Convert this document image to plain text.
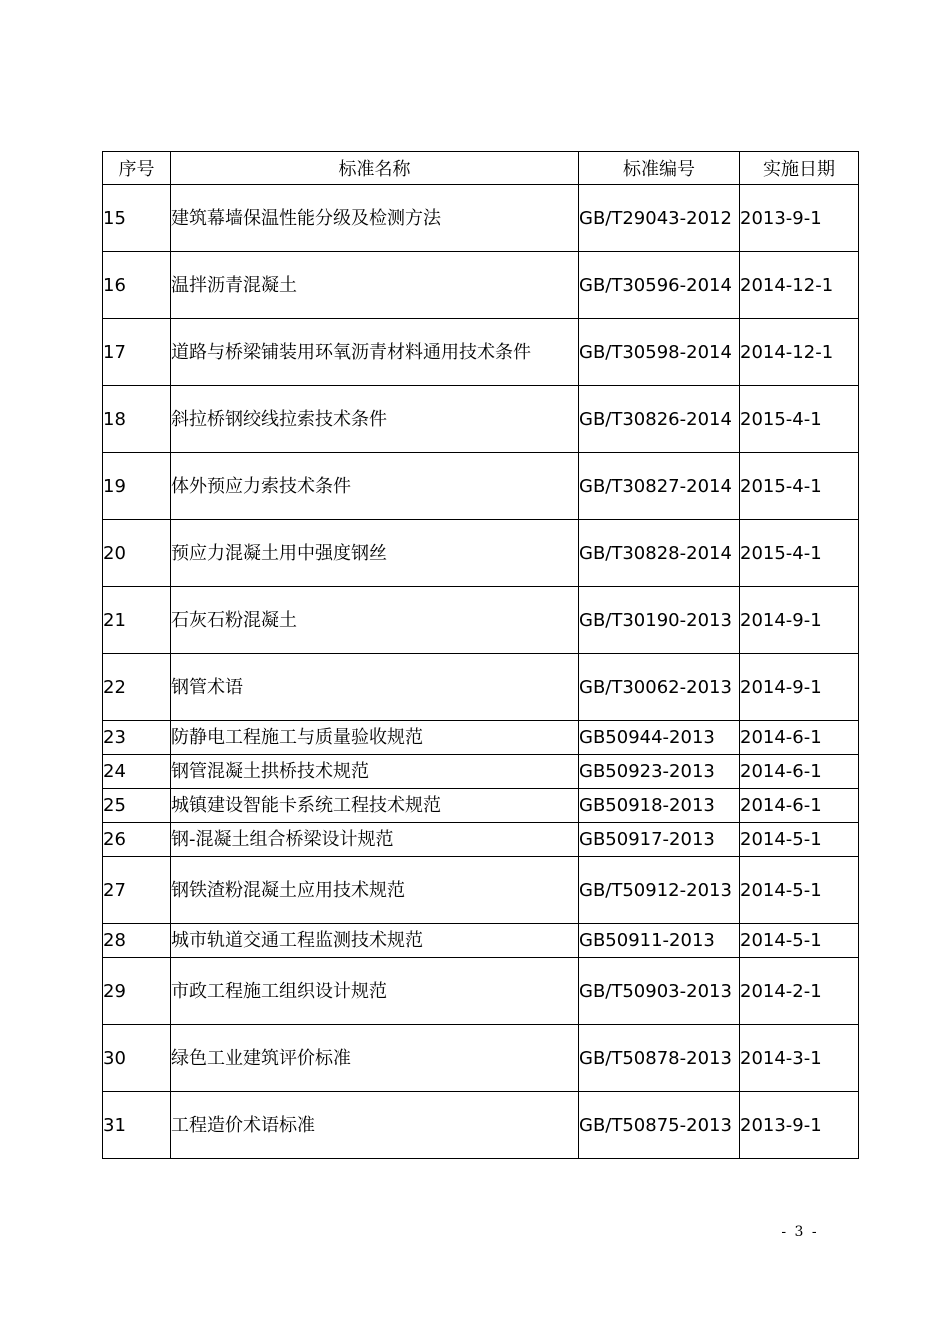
序号	标准名称	标准编号	实施日期
15	建筑幕墙保温性能分级及检测方法	GB/T29043-2012	2013-9-1
16	温拌沥青混凝土	GB/T30596-2014	2014-12-1
17	道路与桥梁铺装用环氧沥青材料通用技术条件	GB/T30598-2014	2014-12-1
18	斜拉桥钢绞线拉索技术条件	GB/T30826-2014	2015-4-1
19	体外预应力索技术条件	GB/T30827-2014	2015-4-1
20	预应力混凝土用中强度钢丝	GB/T30828-2014	2015-4-1
21	石灰石粉混凝土	GB/T30190-2013	2014-9-1
22	钢管术语	GB/T30062-2013	2014-9-1
23	防静电工程施工与质量验收规范	GB50944-2013	2014-6-1
24	钢管混凝土拱桥技术规范	GB50923-2013	2014-6-1
25	城镇建设智能卡系统工程技术规范	GB50918-2013	2014-6-1
26	钢-混凝土组合桥梁设计规范	GB50917-2013	2014-5-1
27	钢铁渣粉混凝土应用技术规范	GB/T50912-2013	2014-5-1
28	城市轨道交通工程监测技术规范	GB50911-2013	2014-5-1
29	市政工程施工组织设计规范	GB/T50903-2013	2014-2-1
30	绿色工业建筑评价标准	GB/T50878-2013	2014-3-1
31	工程造价术语标准	GB/T50875-2013	2013-9-1
- 3 -
